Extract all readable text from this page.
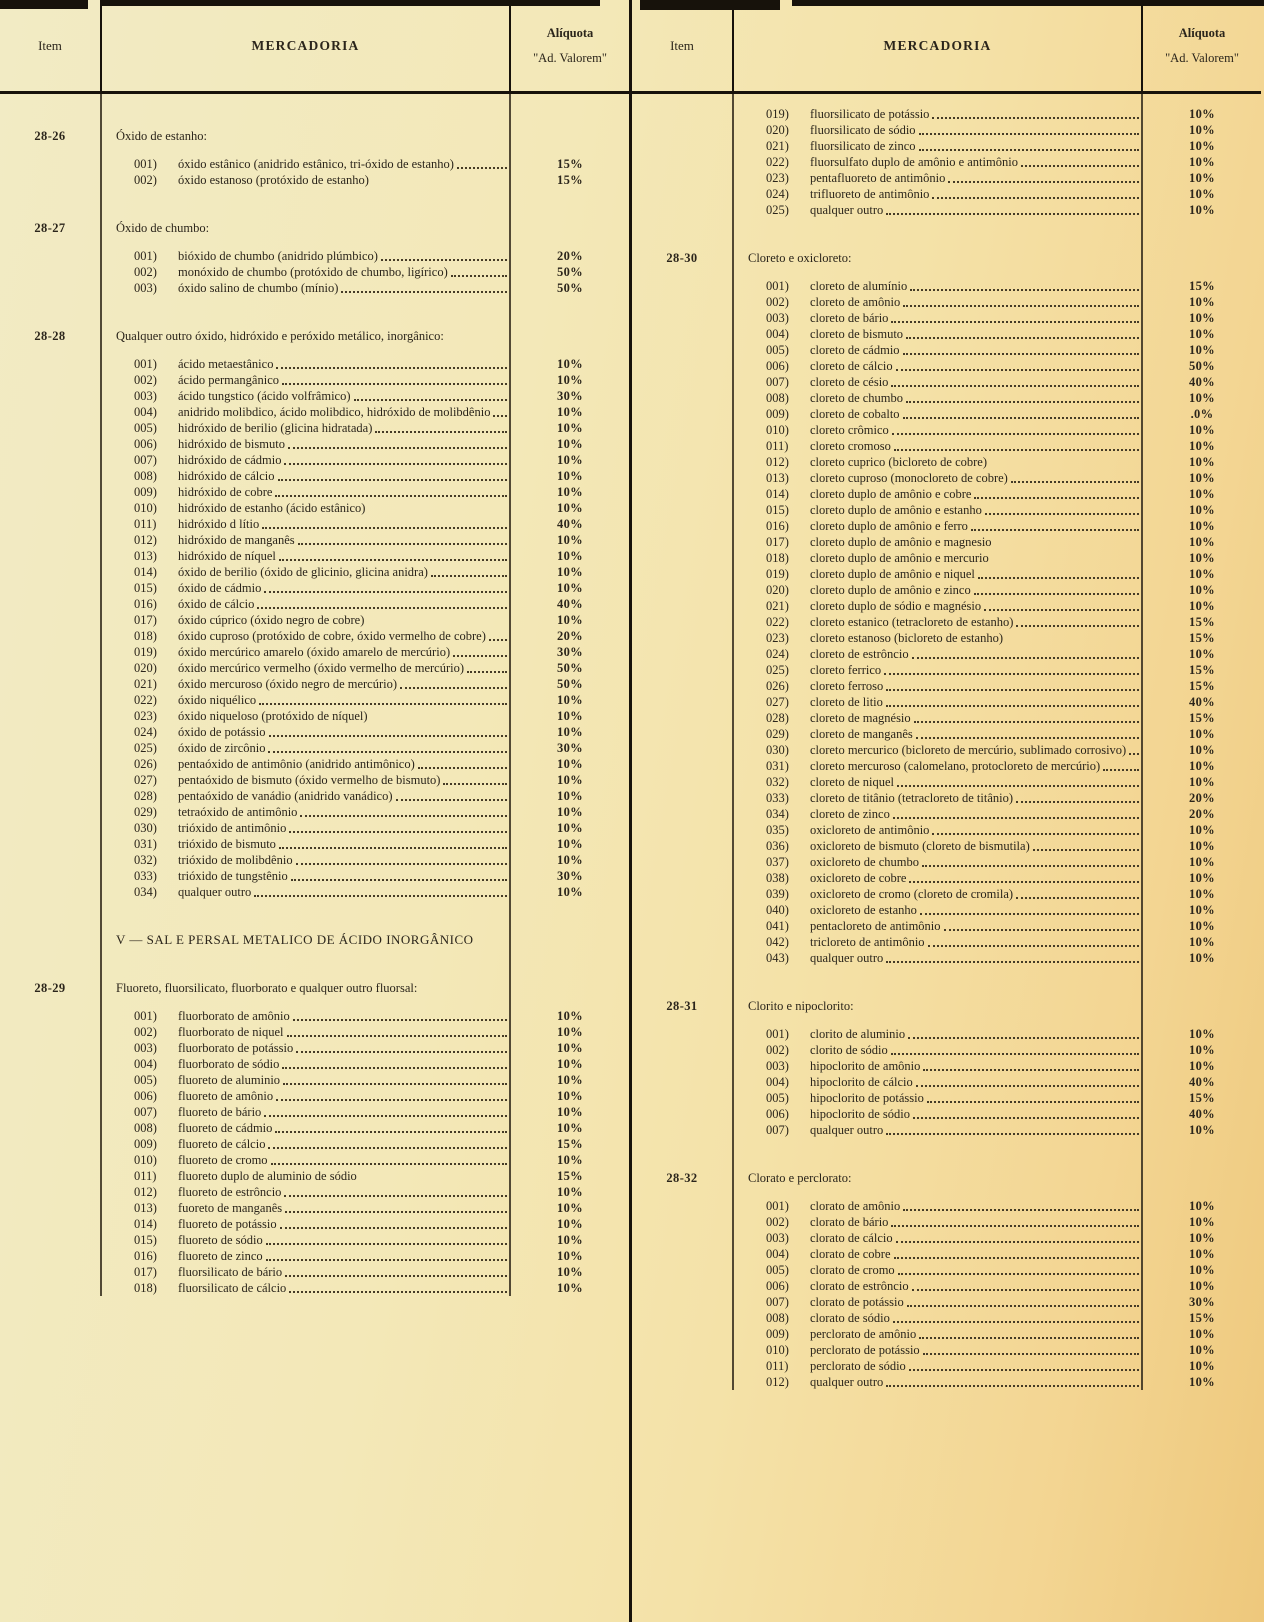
Item	MERCADORIA
Alíquota
"Ad. Valorem"
28-26	Óxido de estanho:
001)	óxido estânico (anidrido estânico, tri-óxido de estanho)	15%
002)	óxido estanoso (protóxido de estanho)	15%
28-27	Óxido de chumbo:
001)	bióxido de chumbo (anidrido plúmbico)	20%
002)	monóxido de chumbo (protóxido de chumbo, ligírico)	50%
003)	óxido salino de chumbo (mínio)	50%
28-28	Qualquer outro óxido, hidróxido e peróxido metálico, inorgânico:
001)	ácido metaestânico	10%
002)	ácido permangânico	10%
003)	ácido tungstico (ácido volfrâmico)	30%
004)	anidrido molibdico, ácido molibdico, hidróxido de molibdênio	10%
005)	hidróxido de berilio (glicina hidratada)	10%
006)	hidróxido de bismuto	10%
007)	hidróxido de cádmio	10%
008)	hidróxido de cálcio	10%
009)	hidróxido de cobre	10%
010)	hidróxido de estanho (ácido estânico)	10%
011)	hidróxido d lítio	40%
012)	hidróxido de manganês	10%
013)	hidróxido de níquel	10%
014)	óxido de berilio (óxido de glicinio, glicina anidra)	10%
015)	óxido de cádmio	10%
016)	óxido de cálcio	40%
017)	óxido cúprico (óxido negro de cobre)	10%
018)	óxido cuproso (protóxido de cobre, óxido vermelho de cobre)	20%
019)	óxido mercúrico amarelo (óxido amarelo de mercúrio)	30%
020)	óxido mercúrico vermelho (óxido vermelho de mercúrio)	50%
021)	óxido mercuroso (óxido negro de mercúrio)	50%
022)	óxido niquélico	10%
023)	óxido niqueloso (protóxido de níquel)	10%
024)	óxido de potássio	10%
025)	óxido de zircônio	30%
026)	pentaóxido de antimônio (anidrido antimônico)	10%
027)	pentaóxido de bismuto (óxido vermelho de bismuto)	10%
028)	pentaóxido de vanádio (anidrido vanádico)	10%
029)	tetraóxido de antimônio	10%
030)	trióxido de antimônio	10%
031)	trióxido de bismuto	10%
032)	trióxido de molibdênio	10%
033)	trióxido de tungstênio	30%
034)	qualquer outro	10%
V — SAL E PERSAL METALICO DE ÁCIDO INORGÂNICO
28-29	Fluoreto, fluorsilicato, fluorborato e qualquer outro fluorsal:
001)	fluorborato de amônio	10%
002)	fluorborato de niquel	10%
003)	fluorborato de potássio	10%
004)	fluorborato de sódio	10%
005)	fluoreto de aluminio	10%
006)	fluoreto de amônio	10%
007)	fluoreto de bário	10%
008)	fluoreto de cádmio	10%
009)	fluoreto de cálcio	15%
010)	fluoreto de cromo	10%
011)	fluoreto duplo de aluminio de sódio	15%
012)	fluoreto de estrôncio	10%
013)	fuoreto de manganês	10%
014)	fluoreto de potássio	10%
015)	fluoreto de sódio	10%
016)	fluoreto de zinco	10%
017)	fluorsilicato de bário	10%
018)	fluorsilicato de cálcio	10%
Item	MERCADORIA
Alíquota
"Ad. Valorem"
019)	fluorsilicato de potássio	10%
020)	fluorsilicato de sódio	10%
021)	fluorsilicato de zinco	10%
022)	fluorsulfato duplo de amônio e antimônio	10%
023)	pentafluoreto de antimônio	10%
024)	trifluoreto de antimônio	10%
025)	qualquer outro	10%
28-30	Cloreto e oxicloreto:
001)	cloreto de alumínio	15%
002)	cloreto de amônio	10%
003)	cloreto de bário	10%
004)	cloreto de bismuto	10%
005)	cloreto de cádmio	10%
006)	cloreto de cálcio	50%
007)	cloreto de césio	40%
008)	cloreto de chumbo	10%
009)	cloreto de cobalto	.0%
010)	cloreto crômico	10%
011)	cloreto cromoso	10%
012)	cloreto cuprico (bicloreto de cobre)	10%
013)	cloreto cuproso (monocloreto de cobre)	10%
014)	cloreto duplo de amônio e cobre	10%
015)	cloreto duplo de amônio e estanho	10%
016)	cloreto duplo de amônio e ferro	10%
017)	cloreto duplo de amônio e magnesio	10%
018)	cloreto duplo de amônio e mercurio	10%
019)	cloreto duplo de amônio e niquel	10%
020)	cloreto duplo de amônio e zinco	10%
021)	cloreto duplo de sódio e magnésio	10%
022)	cloreto estanico (tetracloreto de estanho)	15%
023)	cloreto estanoso (bicloreto de estanho)	15%
024)	cloreto de estrôncio	10%
025)	cloreto ferrico	15%
026)	cloreto ferroso	15%
027)	cloreto de litio	40%
028)	cloreto de magnésio	15%
029)	cloreto de manganês	10%
030)	cloreto mercurico (bicloreto de mercúrio, sublimado corrosivo)	10%
031)	cloreto mercuroso (calomelano, protocloreto de mercúrio)	10%
032)	cloreto de niquel	10%
033)	cloreto de titânio (tetracloreto de titânio)	20%
034)	cloreto de zinco	20%
035)	oxicloreto de antimônio	10%
036)	oxicloreto de bismuto (cloreto de bismutila)	10%
037)	oxicloreto de chumbo	10%
038)	oxicloreto de cobre	10%
039)	oxicloreto de cromo (cloreto de cromila)	10%
040)	oxicloreto de estanho	10%
041)	pentacloreto de antimônio	10%
042)	tricloreto de antimônio	10%
043)	qualquer outro	10%
28-31	Clorito e nipoclorito:
001)	clorito de aluminio	10%
002)	clorito de sódio	10%
003)	hipoclorito de amônio	10%
004)	hipoclorito de cálcio	40%
005)	hipoclorito de potássio	15%
006)	hipoclorito de sódio	40%
007)	qualquer outro	10%
28-32	Clorato e perclorato:
001)	clorato de amônio	10%
002)	clorato de bário	10%
003)	clorato de cálcio	10%
004)	clorato de cobre	10%
005)	clorato de cromo	10%
006)	clorato de estrôncio	10%
007)	clorato de potássio	30%
008)	clorato de sódio	15%
009)	perclorato de amônio	10%
010)	perclorato de potássio	10%
011)	perclorato de sódio	10%
012)	qualquer outro	10%
